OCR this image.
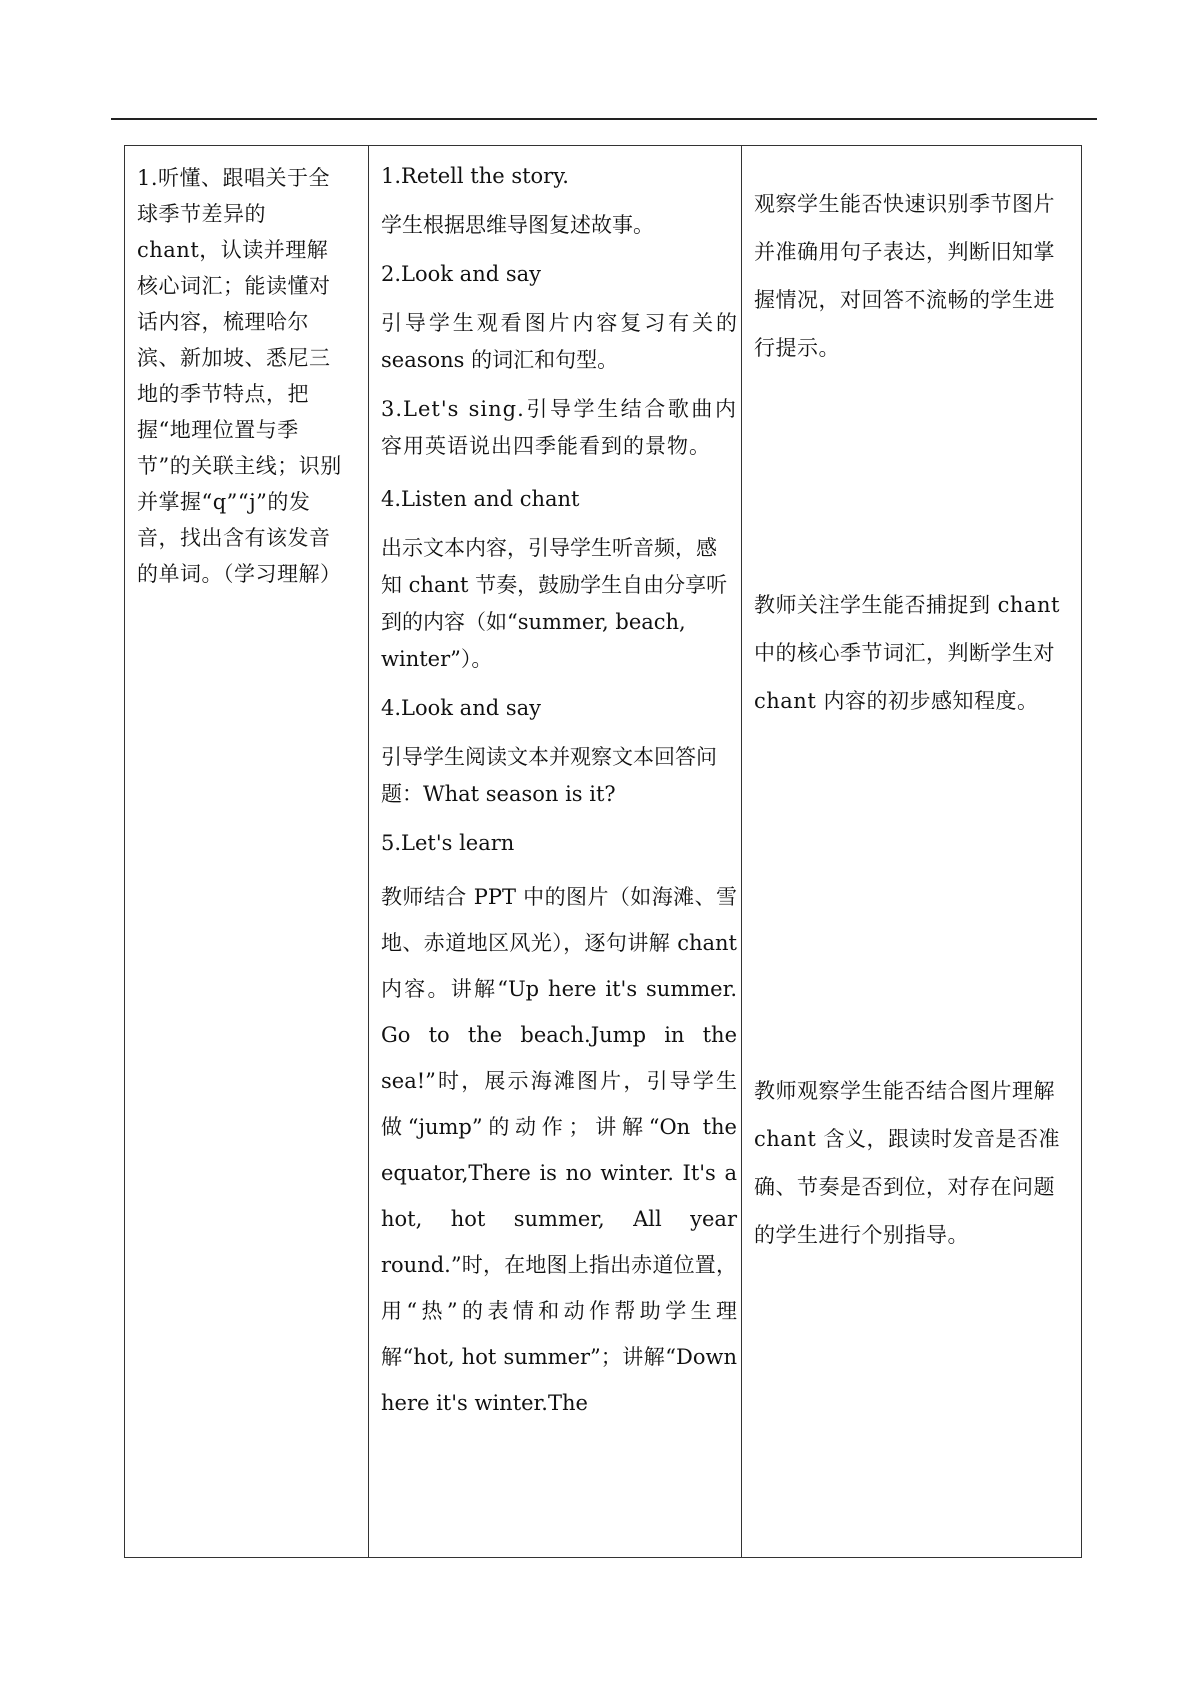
1.听懂、跟唱关于全球季节差异的 chant，认读并理解核心词汇；能读懂对话内容，梳理哈尔滨、新加坡、悉尼三地的季节特点，把握“地理位置与季节”的关联主线；识别并掌握“q”“j”的发音，找出含有该发音的单词。（学习理解）

1.Retell the story.

学生根据思维导图复述故事。

2.Look and say

引导学生观看图片内容复习有关的 seasons 的词汇和句型。

3.Let's sing.引导学生结合歌曲内容用英语说出四季能看到的景物。

4.Listen and chant

出示文本内容，引导学生听音频，感知 chant 节奏，鼓励学生自由分享听到的内容（如“summer, beach, winter”）。

4.Look and say

引导学生阅读文本并观察文本回答问题：What season is it?

5.Let's learn

教师结合 PPT 中的图片（如海滩、雪地、赤道地区风光），逐句讲解 chant 内容。讲解“Up here it's summer. Go to the beach.Jump in the sea!”时，展示海滩图片，引导学生做“jump”的动作；讲解“On the equator,There is no winter. It's a hot, hot summer, All year round.”时，在地图上指出赤道位置，用“热”的表情和动作帮助学生理解“hot, hot summer”；讲解“Down here it's winter.The

观察学生能否快速识别季节图片并准确用句子表达，判断旧知掌握情况，对回答不流畅的学生进行提示。
教师关注学生能否捕捉到 chant 中的核心季节词汇，判断学生对 chant 内容的初步感知程度。
教师观察学生能否结合图片理解 chant 含义，跟读时发音是否准确、节奏是否到位，对存在问题的学生进行个别指导。
